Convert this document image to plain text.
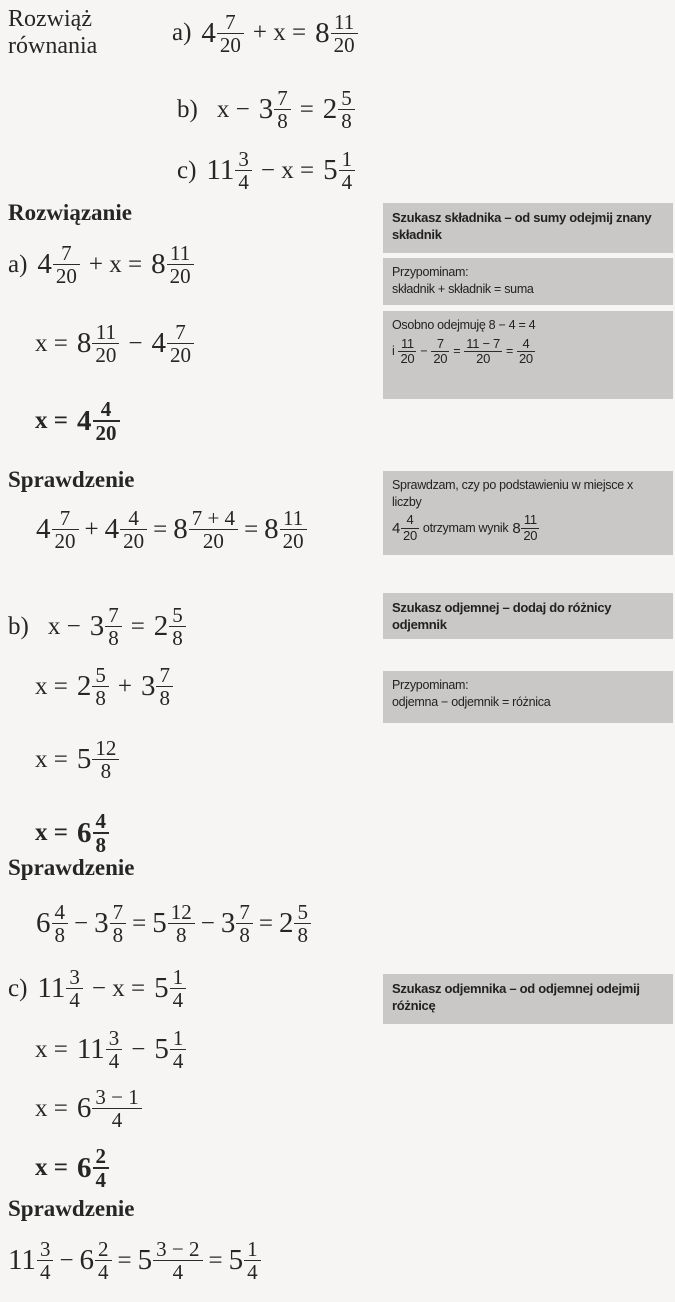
Rozwiąż równania	a) $4 \frac{7}{20} + x = 8 \frac{11}{20}$
b) $x - 3 \frac{7}{8} = 2 \frac{5}{8}$
c) $11 \frac{3}{4} - x = 5 \frac{1}{4}$
Rozwiązanie
a) $4 \frac{7}{20} + x = 8 \frac{11}{20}$
$x = 8 \frac{11}{20} - 4 \frac{7}{20}$
$x = 4 \frac{4}{20}$
Sprawdzenie
$4 \frac{7}{20} + 4 \frac{4}{20} = 8 \frac{7 + 4}{20} = 8 \frac{11}{20}$
b) $x - 3 \frac{7}{8} = 2 \frac{5}{8}$
$x = 2 \frac{5}{8} + 3 \frac{7}{8}$
$x = 5 \frac{12}{8}$
$x = 6 \frac{4}{8}$
Sprawdzenie
$6 \frac{4}{8} - 3 \frac{7}{8} = 5 \frac{12}{8} - 3 \frac{7}{8} = 2 \frac{5}{8}$
c) $11 \frac{3}{4} - x = 5 \frac{1}{4}$
$x = 11 \frac{3}{4} - 5 \frac{1}{4}$
$x = 6 \frac{3 - 1}{4}$
$x = 6 \frac{2}{4}$
Sprawdzenie
$11 \frac{3}{4} - 6 \frac{2}{4} = 5 \frac{3 - 2}{4} = 5 \frac{1}{4}$
Szukasz składnika – od sumy odejmij znany składnik
Przypominam:
składnik + składnik = suma
Osobno odejmuję 8 − 4 = 4
i $\frac{11}{20} - \frac{7}{20} = \frac{11 - 7}{20} = \frac{4}{20}$
Sprawdzam, czy po podstawieniu w miejsce x liczby
$4 \frac{4}{20}$ otrzymam wynik $8 \frac{11}{20}$
Szukasz odjemnej – dodaj do różnicy odjemnik
Przypominam:
odjemna − odjemnik = różnica
Szukasz odjemnika – od odjemnej odejmij różnicę
